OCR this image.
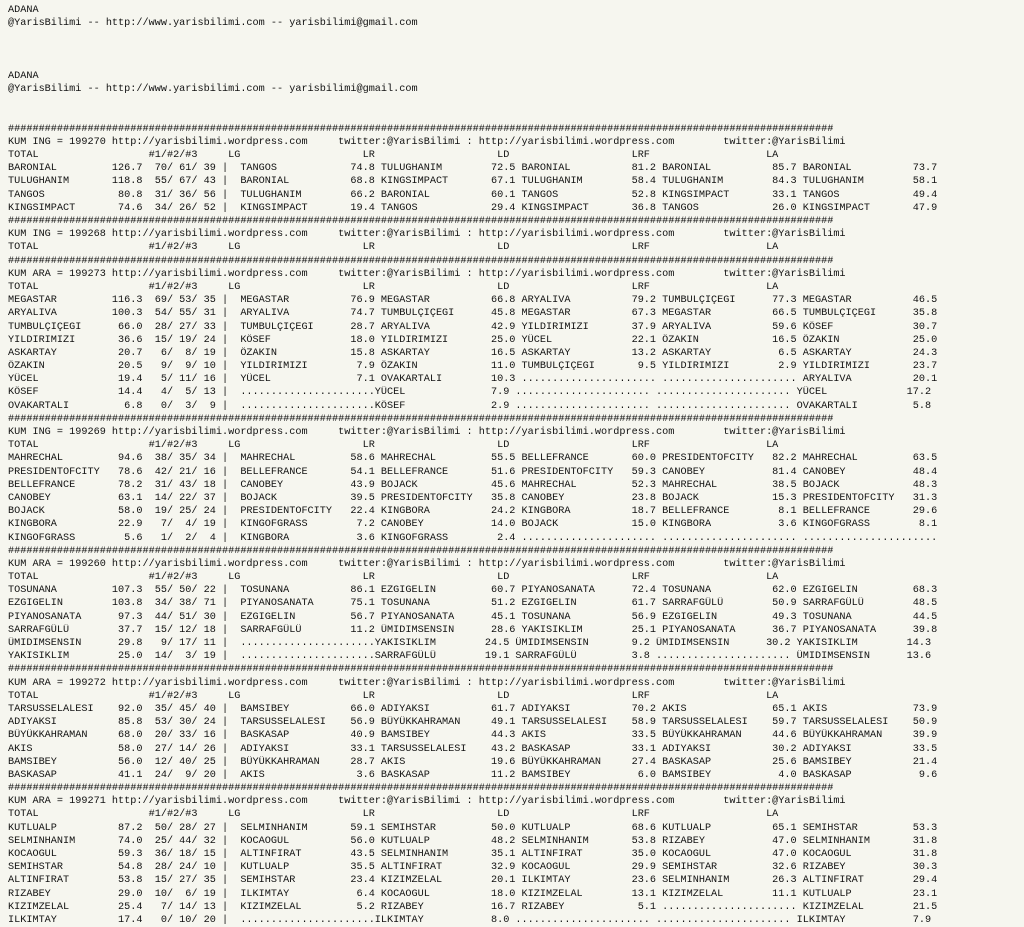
ADANA
@YarisBilimi -- http://www.yarisbilimi.com -- yarisbilimi@gmail.com
ADANA
@YarisBilimi -- http://www.yarisbilimi.com -- yarisbilimi@gmail.com
#######################################################################################################################################
KUM ING = 199270 http://yarisbilimi.wordpress.com     twitter:@YarisBilimi : http://yarisbilimi.wordpress.com        twitter:@YarisBilimi
TOTAL                  #1/#2/#3     LG                    LR                    LD                    LRF                   LA
BARONIAL         126.7  70/ 61/ 39 |  TANGOS            74.8 TULUGHANIM        72.5 BARONIAL          81.2 BARONIAL          85.7 BARONIAL          73.7
TULUGHANIM       118.8  55/ 67/ 43 |  BARONIAL          68.8 KINGSIMPACT       67.1 TULUGHANIM        58.4 TULUGHANIM        84.3 TULUGHANIM        58.1
TANGOS            80.8  31/ 36/ 56 |  TULUGHANIM        66.2 BARONIAL          60.1 TANGOS            52.8 KINGSIMPACT       33.1 TANGOS            49.4
KINGSIMPACT       74.6  34/ 26/ 52 |  KINGSIMPACT       19.4 TANGOS            29.4 KINGSIMPACT       36.8 TANGOS            26.0 KINGSIMPACT       47.9
#######################################################################################################################################
KUM ING = 199268 http://yarisbilimi.wordpress.com     twitter:@YarisBilimi : http://yarisbilimi.wordpress.com        twitter:@YarisBilimi
TOTAL                  #1/#2/#3     LG                    LR                    LD                    LRF                   LA
#######################################################################################################################################
KUM ARA = 199273 http://yarisbilimi.wordpress.com     twitter:@YarisBilimi : http://yarisbilimi.wordpress.com        twitter:@YarisBilimi
TOTAL                  #1/#2/#3     LG                    LR                    LD                    LRF                   LA
MEGASTAR         116.3  69/ 53/ 35 |  MEGASTAR          76.9 MEGASTAR          66.8 ARYALIVA          79.2 TUMBULÇIÇEGI      77.3 MEGASTAR          46.5
ARYALIVA         100.3  54/ 55/ 31 |  ARYALIVA          74.7 TUMBULÇIÇEGI      45.8 MEGASTAR          67.3 MEGASTAR          66.5 TUMBULÇIÇEGI      35.8
TUMBULÇIÇEGI      66.0  28/ 27/ 33 |  TUMBULÇIÇEGI      28.7 ARYALIVA          42.9 YILDIRIMIZI       37.9 ARYALIVA          59.6 KÖSEF             30.7
YILDIRIMIZI       36.6  15/ 19/ 24 |  KÖSEF             18.0 YILDIRIMIZI       25.0 YÜCEL             22.1 ÖZAKIN            16.5 ÖZAKIN            25.0
ASKARTAY          20.7   6/  8/ 19 |  ÖZAKIN            15.8 ASKARTAY          16.5 ASKARTAY          13.2 ASKARTAY           6.5 ASKARTAY          24.3
ÖZAKIN            20.5   9/  9/ 10 |  YILDIRIMIZI        7.9 ÖZAKIN            11.0 TUMBULÇIÇEGI       9.5 YILDIRIMIZI        2.9 YILDIRIMIZI       23.7
YÜCEL             19.4   5/ 11/ 16 |  YÜCEL              7.1 OVAKARTALI        10.3 ...................... ...................... ARYALIVA          20.1
KÖSEF             14.4   4/  5/ 13 |  ......................YÜCEL              7.9 ...................... ...................... YÜCEL             17.2
OVAKARTALI         6.8   0/  3/  9 |  ......................KÖSEF              2.9 ...................... ...................... OVAKARTALI         5.8
#######################################################################################################################################
KUM ING = 199269 http://yarisbilimi.wordpress.com     twitter:@YarisBilimi : http://yarisbilimi.wordpress.com        twitter:@YarisBilimi
TOTAL                  #1/#2/#3     LG                    LR                    LD                    LRF                   LA
MAHRECHAL         94.6  38/ 35/ 34 |  MAHRECHAL         58.6 MAHRECHAL         55.5 BELLEFRANCE       60.0 PRESIDENTOFCITY   82.2 MAHRECHAL         63.5
PRESIDENTOFCITY   78.6  42/ 21/ 16 |  BELLEFRANCE       54.1 BELLEFRANCE       51.6 PRESIDENTOFCITY   59.3 CANOBEY           81.4 CANOBEY           48.4
BELLEFRANCE       78.2  31/ 43/ 18 |  CANOBEY           43.9 BOJACK            45.6 MAHRECHAL         52.3 MAHRECHAL         38.5 BOJACK            48.3
CANOBEY           63.1  14/ 22/ 37 |  BOJACK            39.5 PRESIDENTOFCITY   35.8 CANOBEY           23.8 BOJACK            15.3 PRESIDENTOFCITY   31.3
BOJACK            58.0  19/ 25/ 24 |  PRESIDENTOFCITY   22.4 KINGBORA          24.2 KINGBORA          18.7 BELLEFRANCE        8.1 BELLEFRANCE       29.6
KINGBORA          22.9   7/  4/ 19 |  KINGOFGRASS        7.2 CANOBEY           14.0 BOJACK            15.0 KINGBORA           3.6 KINGOFGRASS        8.1
KINGOFGRASS        5.6   1/  2/  4 |  KINGBORA           3.6 KINGOFGRASS        2.4 ...................... ...................... ......................
#######################################################################################################################################
KUM ARA = 199260 http://yarisbilimi.wordpress.com     twitter:@YarisBilimi : http://yarisbilimi.wordpress.com        twitter:@YarisBilimi
TOTAL                  #1/#2/#3     LG                    LR                    LD                    LRF                   LA
TOSUNANA         107.3  55/ 50/ 22 |  TOSUNANA          86.1 EZGIGELIN         60.7 PIYANOSANATA      72.4 TOSUNANA          62.0 EZGIGELIN         68.3
EZGIGELIN        103.8  34/ 38/ 71 |  PIYANOSANATA      75.1 TOSUNANA          51.2 EZGIGELIN         61.7 SARRAFGÜLÜ        50.9 SARRAFGÜLÜ        48.5
PIYANOSANATA      97.3  44/ 51/ 30 |  EZGIGELIN         56.7 PIYANOSANATA      45.1 TOSUNANA          56.9 EZGIGELIN         49.3 TOSUNANA          44.5
SARRAFGÜLÜ        37.7  15/ 12/ 18 |  SARRAFGÜLÜ        11.2 ÜMIDIMSENSIN      28.6 YAKISIKLIM        25.1 PIYANOSANATA      36.7 PIYANOSANATA      39.8
ÜMIDIMSENSIN      29.8   9/ 17/ 11 |  ......................YAKISIKLIM        24.5 ÜMIDIMSENSIN       9.2 ÜMIDIMSENSIN      30.2 YAKISIKLIM        14.3
YAKISIKLIM        25.0  14/  3/ 19 |  ......................SARRAFGÜLÜ        19.1 SARRAFGÜLÜ         3.8 ...................... ÜMIDIMSENSIN      13.6
#######################################################################################################################################
KUM ARA = 199272 http://yarisbilimi.wordpress.com     twitter:@YarisBilimi : http://yarisbilimi.wordpress.com        twitter:@YarisBilimi
TOTAL                  #1/#2/#3     LG                    LR                    LD                    LRF                   LA
TARSUSSELALESI    92.0  35/ 45/ 40 |  BAMSIBEY          66.0 ADIYAKSI          61.7 ADIYAKSI          70.2 AKIS              65.1 AKIS              73.9
ADIYAKSI          85.8  53/ 30/ 24 |  TARSUSSELALESI    56.9 BÜYÜKKAHRAMAN     49.1 TARSUSSELALESI    58.9 TARSUSSELALESI    59.7 TARSUSSELALESI    50.9
BÜYÜKKAHRAMAN     68.0  20/ 33/ 16 |  BASKASAP          40.9 BAMSIBEY          44.3 AKIS              33.5 BÜYÜKKAHRAMAN     44.6 BÜYÜKKAHRAMAN     39.9
AKIS              58.0  27/ 14/ 26 |  ADIYAKSI          33.1 TARSUSSELALESI    43.2 BASKASAP          33.1 ADIYAKSI          30.2 ADIYAKSI          33.5
BAMSIBEY          56.0  12/ 40/ 25 |  BÜYÜKKAHRAMAN     28.7 AKIS              19.6 BÜYÜKKAHRAMAN     27.4 BASKASAP          25.6 BAMSIBEY          21.4
BASKASAP          41.1  24/  9/ 20 |  AKIS               3.6 BASKASAP          11.2 BAMSIBEY           6.0 BAMSIBEY           4.0 BASKASAP           9.6
#######################################################################################################################################
KUM ARA = 199271 http://yarisbilimi.wordpress.com     twitter:@YarisBilimi : http://yarisbilimi.wordpress.com        twitter:@YarisBilimi
TOTAL                  #1/#2/#3     LG                    LR                    LD                    LRF                   LA
KUTLUALP          87.2  50/ 28/ 27 |  SELMINHANIM       59.1 SEMIHSTAR         50.0 KUTLUALP          68.6 KUTLUALP          65.1 SEMIHSTAR         53.3
SELMINHANIM       74.0  25/ 44/ 32 |  KOCAOGUL          56.0 KUTLUALP          48.2 SELMINHANIM       53.8 RIZABEY           47.0 SELMINHANIM       31.8
KOCAOGUL          59.3  36/ 18/ 15 |  ALTINFIRAT        43.5 SELMINHANIM       35.1 ALTINFIRAT        35.0 KOCAOGUL          47.0 KOCAOGUL          31.8
SEMIHSTAR         54.8  28/ 24/ 10 |  KUTLUALP          35.5 ALTINFIRAT        32.9 KOCAOGUL          29.9 SEMIHSTAR         32.6 RIZABEY           30.3
ALTINFIRAT        53.8  15/ 27/ 35 |  SEMIHSTAR         23.4 KIZIMZELAL        20.1 ILKIMTAY          23.6 SELMINHANIM       26.3 ALTINFIRAT        29.4
RIZABEY           29.0  10/  6/ 19 |  ILKIMTAY           6.4 KOCAOGUL          18.0 KIZIMZELAL        13.1 KIZIMZELAL        11.1 KUTLUALP          23.1
KIZIMZELAL        25.4   7/ 14/ 13 |  KIZIMZELAL         5.2 RIZABEY           16.7 RIZABEY            5.1 ...................... KIZIMZELAL        21.5
ILKIMTAY          17.4   0/ 10/ 20 |  ......................ILKIMTAY           8.0 ...................... ...................... ILKIMTAY           7.9
